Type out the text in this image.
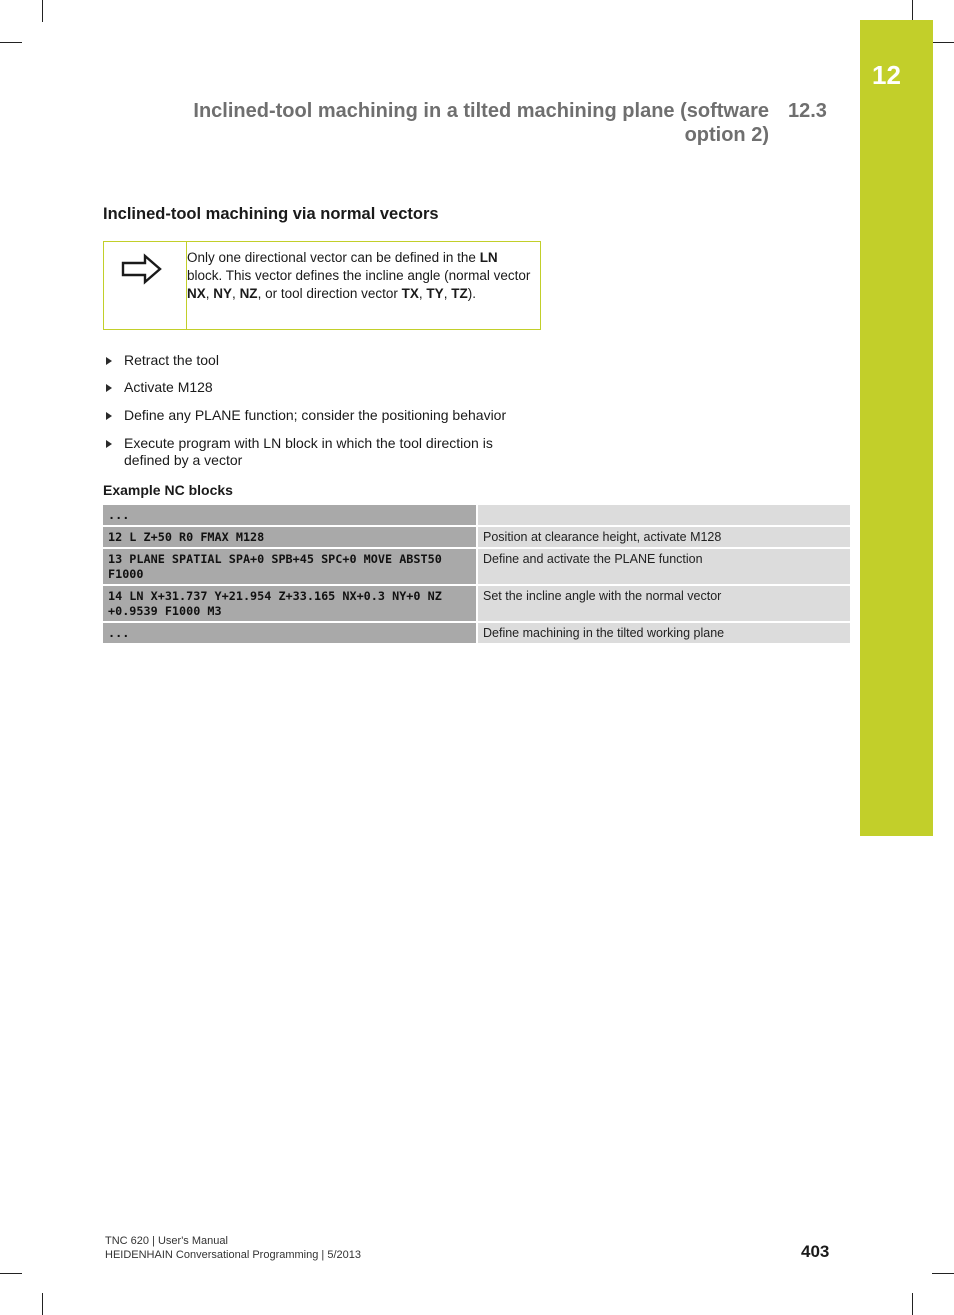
12
Inclined-tool machining in a tilted machining plane (software
option 2)
12.3
Inclined-tool machining via normal vectors
Only one directional vector can be defined in the LN block. This vector defines the incline angle (normal vector NX, NY, NZ, or tool direction vector TX, TY, TZ).
Retract the tool
Activate M128
Define any PLANE function; consider the positioning behavior
Execute program with LN block in which the tool direction is defined by a vector
Example NC blocks
...	
12 L Z+50 R0 FMAX M128	Position at clearance height, activate M128
13 PLANE SPATIAL SPA+0 SPB+45 SPC+0 MOVE ABST50 F1000	Define and activate the PLANE function
14 LN X+31.737 Y+21.954 Z+33.165 NX+0.3 NY+0 NZ +0.9539 F1000 M3	Set the incline angle with the normal vector
...	Define machining in the tilted working plane
TNC 620 | User's Manual
HEIDENHAIN Conversational Programming | 5/2013	403
